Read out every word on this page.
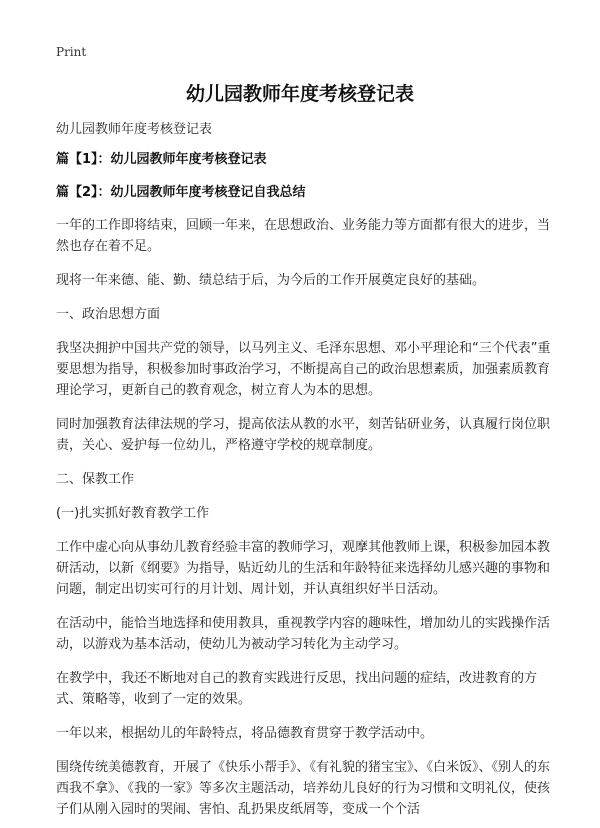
Print
幼儿园教师年度考核登记表

幼儿园教师年度考核登记表

篇【1】：幼儿园教师年度考核登记表

篇【2】：幼儿园教师年度考核登记自我总结

一年的工作即将结束，回顾一年来，在思想政治、业务能力等方面都有很大的进步，当然也存在着不足。

现将一年来德、能、勤、绩总结于后，为今后的工作开展奠定良好的基础。

一、政治思想方面

我坚决拥护中国共产党的领导，以马列主义、毛泽东思想、邓小平理论和“三个代表”重要思想为指导，积极参加时事政治学习，不断提高自己的政治思想素质，加强素质教育理论学习，更新自己的教育观念，树立育人为本的思想。

同时加强教育法律法规的学习，提高依法从教的水平，刻苦钻研业务，认真履行岗位职责，关心、爱护每一位幼儿，严格遵守学校的规章制度。

二、保教工作

(一)扎实抓好教育教学工作

工作中虚心向从事幼儿教育经验丰富的教师学习，观摩其他教师上课，积极参加园本教研活动，以新《纲要》为指导，贴近幼儿的生活和年龄特征来选择幼儿感兴趣的事物和问题，制定出切实可行的月计划、周计划，并认真组织好半日活动。

在活动中，能恰当地选择和使用教具，重视教学内容的趣味性，增加幼儿的实践操作活动，以游戏为基本活动，使幼儿为被动学习转化为主动学习。

在教学中，我还不断地对自己的教育实践进行反思，找出问题的症结，改进教育的方式、策略等，收到了一定的效果。

一年以来，根据幼儿的年龄特点，将品德教育贯穿于教学活动中。

围绕传统美德教育，开展了《快乐小帮手》、《有礼貌的猪宝宝》、《白米饭》、《别人的东西我不拿》、《我的一家》等多次主题活动，培养幼儿良好的行为习惯和文明礼仪，使孩子们从刚入园时的哭闹、害怕、乱扔果皮纸屑等，变成一个个活
